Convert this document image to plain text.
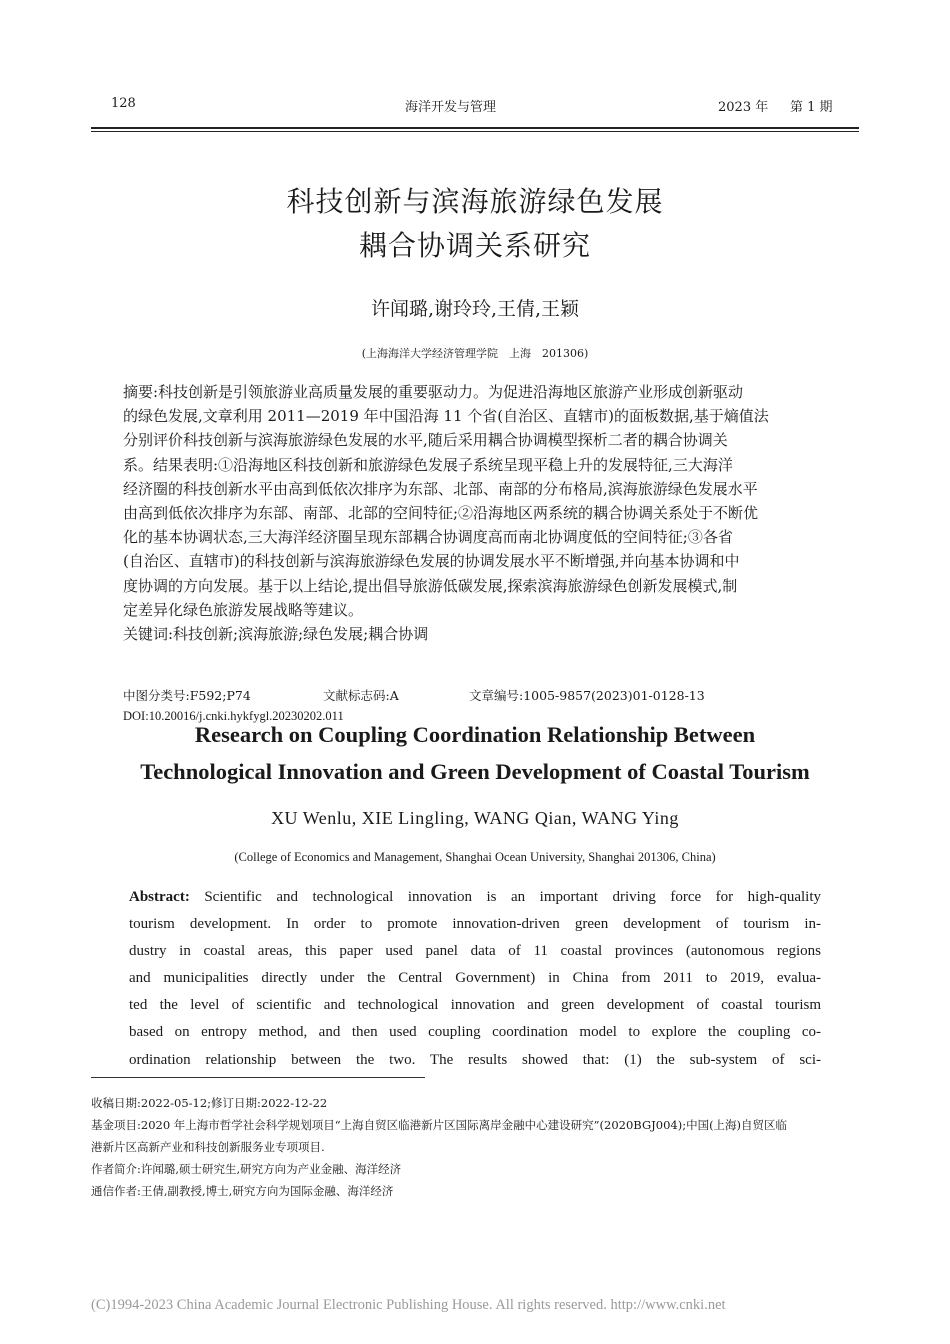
128	海洋开发与管理	2023 年 第 1 期
科技创新与滨海旅游绿色发展
耦合协调关系研究
许闻璐,谢玲玲,王倩,王颖
(上海海洋大学经济管理学院　上海　201306)
摘要:科技创新是引领旅游业高质量发展的重要驱动力。为促进沿海地区旅游产业形成创新驱动
的绿色发展,文章利用 2011—2019 年中国沿海 11 个省(自治区、直辖市)的面板数据,基于熵值法
分别评价科技创新与滨海旅游绿色发展的水平,随后采用耦合协调模型探析二者的耦合协调关
系。结果表明:①沿海地区科技创新和旅游绿色发展子系统呈现平稳上升的发展特征,三大海洋
经济圈的科技创新水平由高到低依次排序为东部、北部、南部的分布格局,滨海旅游绿色发展水平
由高到低依次排序为东部、南部、北部的空间特征;②沿海地区两系统的耦合协调关系处于不断优
化的基本协调状态,三大海洋经济圈呈现东部耦合协调度高而南北协调度低的空间特征;③各省
(自治区、直辖市)的科技创新与滨海旅游绿色发展的协调发展水平不断增强,并向基本协调和中
度协调的方向发展。基于以上结论,提出倡导旅游低碳发展,探索滨海旅游绿色创新发展模式,制
定差异化绿色旅游发展战略等建议。
关键词:科技创新;滨海旅游;绿色发展;耦合协调
中图分类号:F592;P74	文献标志码:A	文章编号:1005-9857(2023)01-0128-13
DOI:10.20016/j.cnki.hykfygl.20230202.011
Research on Coupling Coordination Relationship Between
Technological Innovation and Green Development of Coastal Tourism
XU Wenlu, XIE Lingling, WANG Qian, WANG Ying
(College of Economics and Management, Shanghai Ocean University, Shanghai 201306, China)
Abstract: Scientific and technological innovation is an important driving force for high-quality
tourism development. In order to promote innovation-driven green development of tourism in-
dustry in coastal areas, this paper used panel data of 11 coastal provinces (autonomous regions
and municipalities directly under the Central Government) in China from 2011 to 2019, evalua-
ted the level of scientific and technological innovation and green development of coastal tourism
based on entropy method, and then used coupling coordination model to explore the coupling co-
ordination relationship between the two. The results showed that: (1) the sub-system of sci-
收稿日期:2022-05-12;修订日期:2022-12-22
基金项目:2020 年上海市哲学社会科学规划项目“上海自贸区临港新片区国际离岸金融中心建设研究”(2020BGJ004);中国(上海)自贸区临
港新片区高新产业和科技创新服务业专项项目.
作者简介:许闻璐,硕士研究生,研究方向为产业金融、海洋经济
通信作者:王倩,副教授,博士,研究方向为国际金融、海洋经济
(C)1994-2023 China Academic Journal Electronic Publishing House. All rights reserved. http://www.cnki.net
